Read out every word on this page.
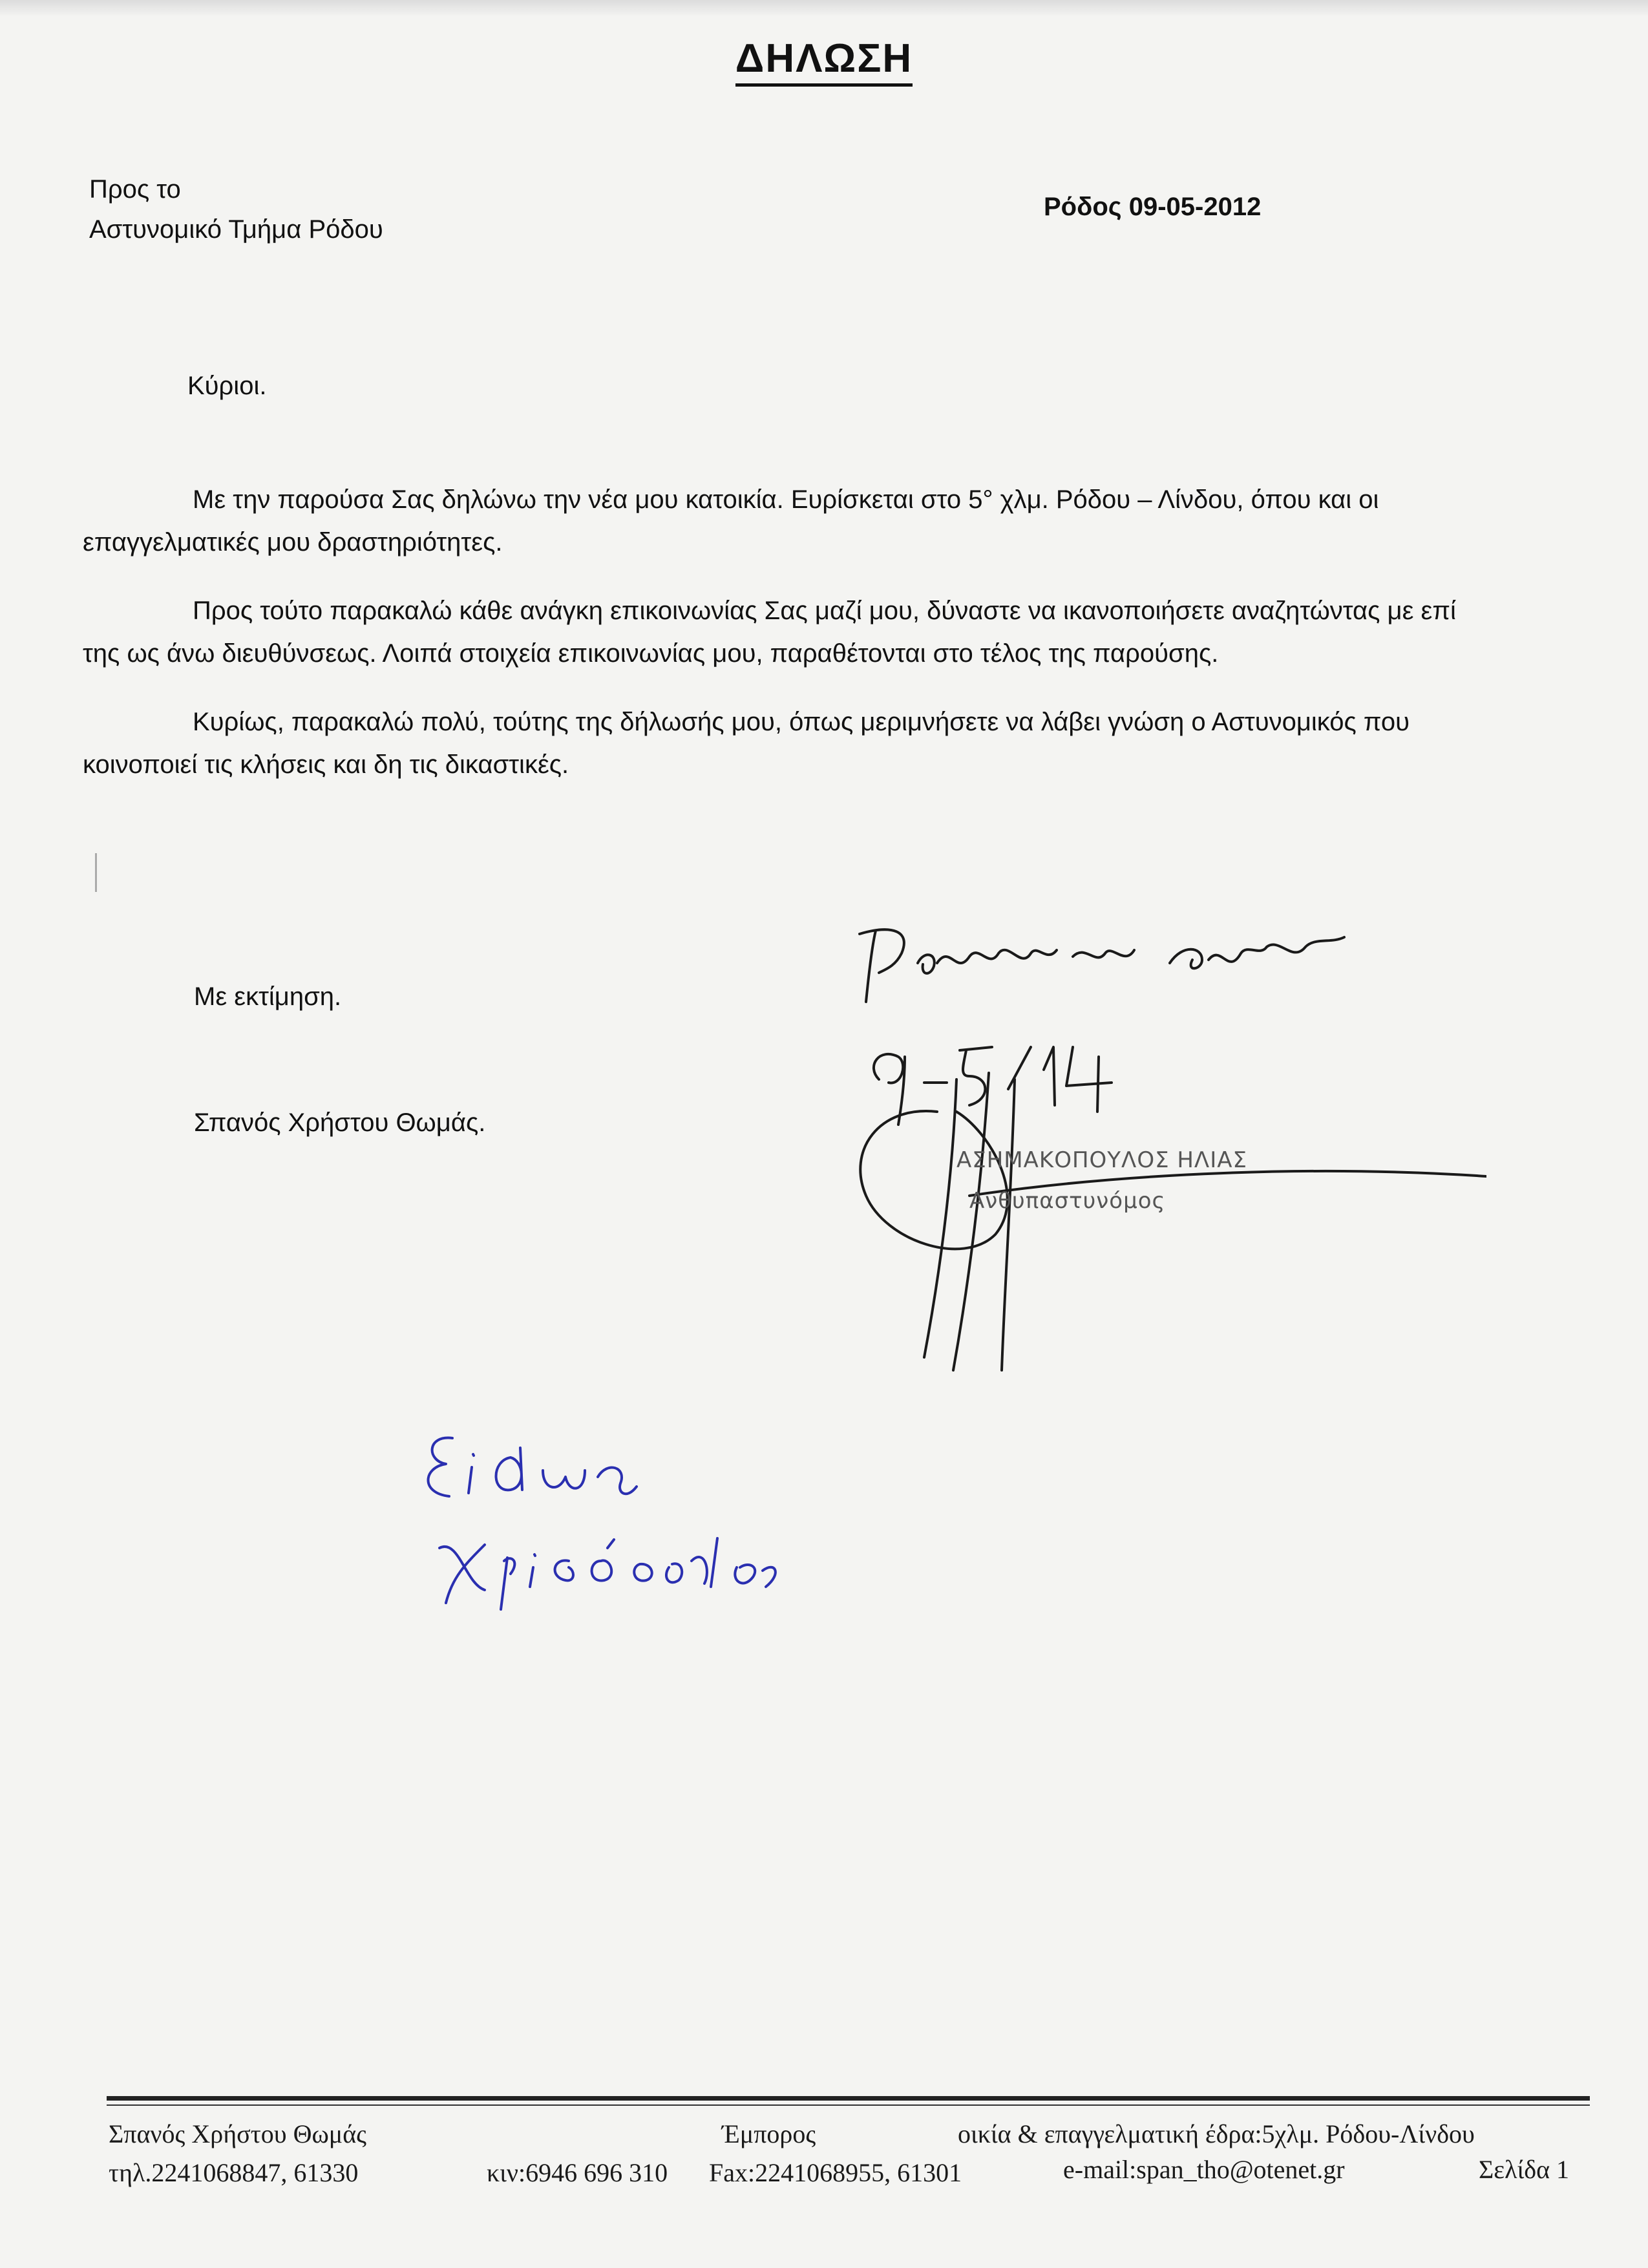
ΔΗΛΩΣΗ
Προς το
Αστυνομικό Τμήμα Ρόδου
Ρόδος 09-05-2012
Κύριοι.

Με την παρούσα Σας δηλώνω την νέα μου κατοικία. Ευρίσκεται στο 5° χλμ. Ρόδου – Λίνδου, όπου και οι επαγγελματικές μου δραστηριότητες.

Προς τούτο παρακαλώ κάθε ανάγκη επικοινωνίας Σας μαζί μου, δύναστε να ικανοποιήσετε αναζητώντας με επί της ως άνω διευθύνσεως. Λοιπά στοιχεία επικοινωνίας μου, παραθέτονται στο τέλος της παρούσης.

Κυρίως, παρακαλώ πολύ, τούτης της δήλωσής μου, όπως μεριμνήσετε να λάβει γνώση ο Αστυνομικός που κοινοποιεί τις κλήσεις και δη τις δικαστικές.

Με εκτίμηση.
Σπανός Χρήστου Θωμάς.
ΑΣΗΜΑΚΟΠΟΥΛΟΣ ΗΛΙΑΣ
Ανθυπαστυνόμος
Σπανός Χρήστου Θωμάς
τηλ.2241068847, 61330	κιν:6946 696 310
Έμπορος
Fax:2241068955, 61301
οικία & επαγγελματική έδρα:5χλμ. Ρόδου-Λίνδου
e-mail:span_tho@otenet.gr	Σελίδα 1
